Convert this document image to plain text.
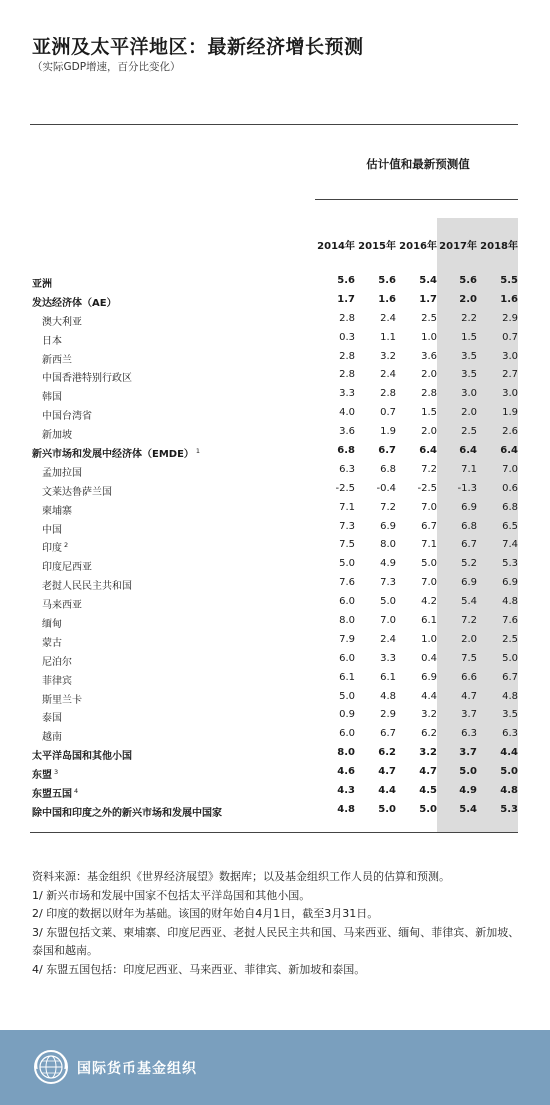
亚洲及太平洋地区：最新经济增长预测
（实际GDP增速，百分比变化）
估计值和最新预测值
2014年 2015年 2016年 2017年 2018年
亚洲	5.6	5.6	5.4	5.6	5.5
发达经济体（AE）	1.7	1.6	1.7	2.0	1.6
澳大利亚	2.8	2.4	2.5	2.2	2.9
日本	0.3	1.1	1.0	1.5	0.7
新西兰	2.8	3.2	3.6	3.5	3.0
中国香港特别行政区	2.8	2.4	2.0	3.5	2.7
韩国	3.3	2.8	2.8	3.0	3.0
中国台湾省	4.0	0.7	1.5	2.0	1.9
新加坡	3.6	1.9	2.0	2.5	2.6
新兴市场和发展中经济体（EMDE） $^1$	6.8	6.7	6.4	6.4	6.4
孟加拉国	6.3	6.8	7.2	7.1	7.0
文莱达鲁萨兰国	-2.5	-0.4	-2.5	-1.3	0.6
柬埔寨	7.1	7.2	7.0	6.9	6.8
中国	7.3	6.9	6.7	6.8	6.5
印度 $^2$	7.5	8.0	7.1	6.7	7.4
印度尼西亚	5.0	4.9	5.0	5.2	5.3
老挝人民民主共和国	7.6	7.3	7.0	6.9	6.9
马来西亚	6.0	5.0	4.2	5.4	4.8
缅甸	8.0	7.0	6.1	7.2	7.6
蒙古	7.9	2.4	1.0	2.0	2.5
尼泊尔	6.0	3.3	0.4	7.5	5.0
菲律宾	6.1	6.1	6.9	6.6	6.7
斯里兰卡	5.0	4.8	4.4	4.7	4.8
泰国	0.9	2.9	3.2	3.7	3.5
越南	6.0	6.7	6.2	6.3	6.3
太平洋岛国和其他小国	8.0	6.2	3.2	3.7	4.4
东盟 $^3$	4.6	4.7	4.7	5.0	5.0
东盟五国 $^4$	4.3	4.4	4.5	4.9	4.8
除中国和印度之外的新兴市场和发展中国家	4.8	5.0	5.0	5.4	5.3

资料来源：基金组织《世界经济展望》数据库；以及基金组织工作人员的估算和预测。

1/ 新兴市场和发展中国家不包括太平洋岛国和其他小国。

2/ 印度的数据以财年为基础。该国的财年始自4月1日，截至3月31日。

3/ 东盟包括文莱、柬埔寨、印度尼西亚、老挝人民民主共和国、马来西亚、缅甸、菲律宾、新加坡、泰国和越南。

4/ 东盟五国包括：印度尼西亚、马来西亚、菲律宾、新加坡和泰国。

国际货币基金组织
